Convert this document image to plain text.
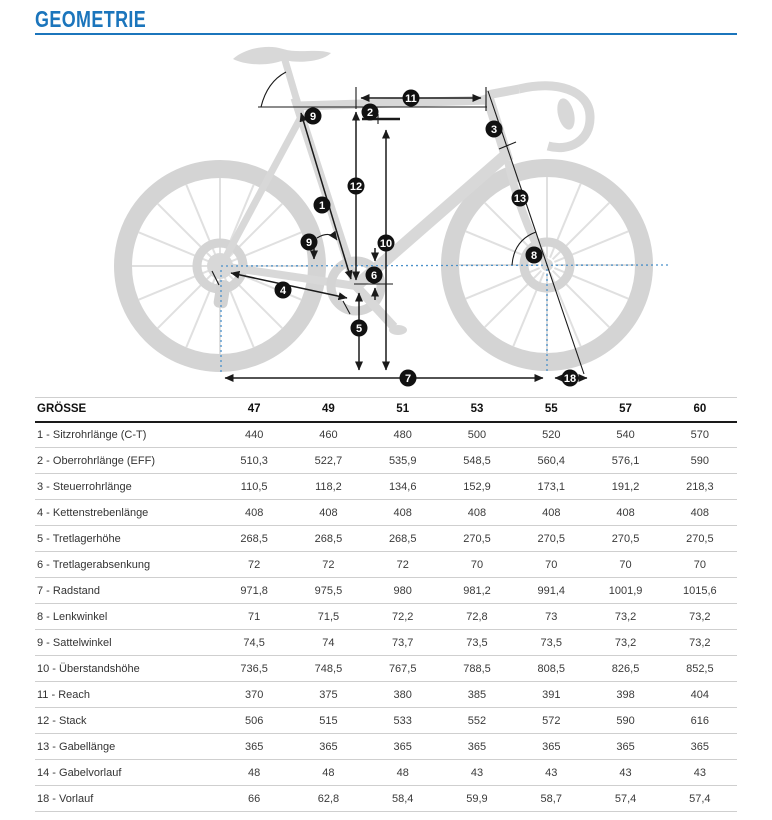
GEOMETRIE
1
2
3
4
5
6
7
8
9
9	10
11
12
13
18
GRÖSSE	47	49	51	53	55	57	60
1 - Sitzrohrlänge (C-T)	440	460	480	500	520	540	570
2 - Oberrohrlänge (EFF)	510,3	522,7	535,9	548,5	560,4	576,1	590
3 - Steuerrohrlänge	110,5	118,2	134,6	152,9	173,1	191,2	218,3
4 - Kettenstrebenlänge	408	408	408	408	408	408	408
5 - Tretlagerhöhe	268,5	268,5	268,5	270,5	270,5	270,5	270,5
6 - Tretlagerabsenkung	72	72	72	70	70	70	70
7 - Radstand	971,8	975,5	980	981,2	991,4	1001,9	1015,6
8 - Lenkwinkel	71	71,5	72,2	72,8	73	73,2	73,2
9 - Sattelwinkel	74,5	74	73,7	73,5	73,5	73,2	73,2
10 - Überstandshöhe	736,5	748,5	767,5	788,5	808,5	826,5	852,5
11 - Reach	370	375	380	385	391	398	404
12 - Stack	506	515	533	552	572	590	616
13 - Gabellänge	365	365	365	365	365	365	365
14 - Gabelvorlauf	48	48	48	43	43	43	43
18 - Vorlauf	66	62,8	58,4	59,9	58,7	57,4	57,4
